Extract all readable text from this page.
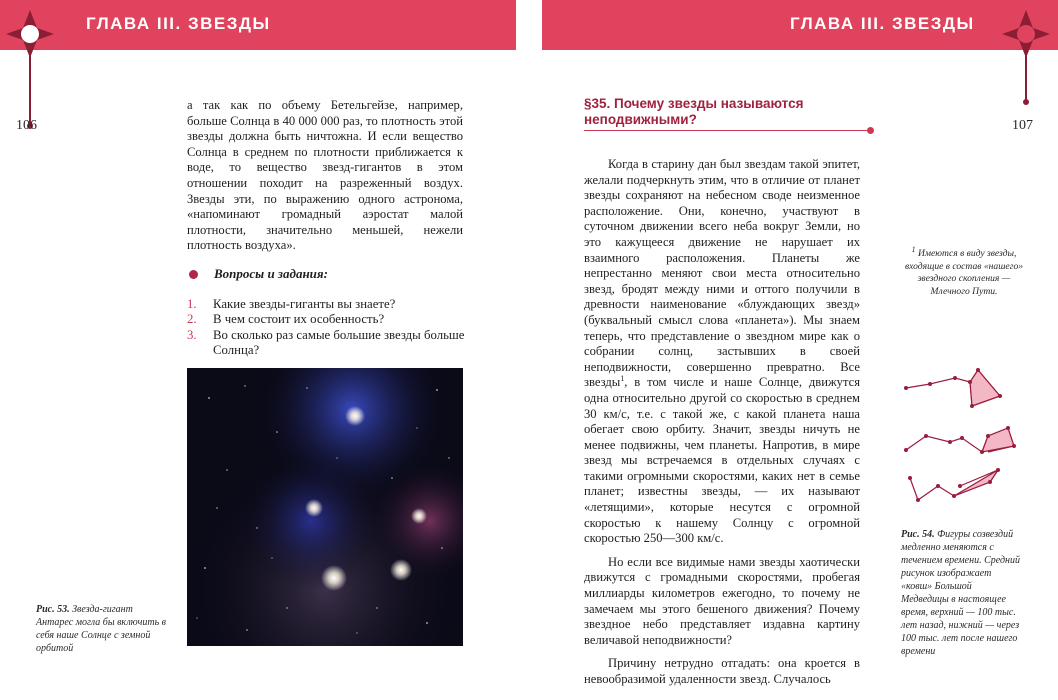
ГЛАВА III. ЗВЕЗДЫ	ГЛАВА III. ЗВЕЗДЫ
106	107

а так как по объему Бетельгейзе, например, больше Солнца в 40 000 000 раз, то плотность этой звезды должна быть ничтожна. И если вещество Солнца в среднем по плотности приближается к воде, то вещество звезд-гигантов в этом отношении походит на разреженный воздух. Звезды эти, по выражению одного астронома, «напоминают громадный аэростат малой плотности, значительно меньшей, нежели плотность воздуха».

Вопросы и задания:
1. Какие звезды-гиганты вы знаете?
2. В чем состоит их особенность?
3. Во сколько раз самые большие звезды больше Солнца?
Рис. 53. Звезда-гигант Антарес могла бы включить в себя наше Солнце с земной орбитой
§35. Почему звезды называются неподвижными?

Когда в старину дан был звездам такой эпитет, желали подчеркнуть этим, что в отличие от планет звезды сохраняют на небесном своде неизменное расположение. Они, конечно, участвуют в суточном движении всего неба вокруг Земли, но это кажущееся движение не нарушает их взаимного расположения. Планеты же непрестанно меняют свои места относительно звезд, бродят между ними и оттого получили в древности наименование «блуждающих звезд» (буквальный смысл слова «планета»). Мы знаем теперь, что представление о звездном мире как о собрании солнц, застывших в своей неподвижности, совершенно превратно. Все звезды$^1$, в том числе и наше Солнце, движутся одна относительно другой со скоростью в среднем 30 км/с, т.е. с такой же, с какой планета наша обегает свою орбиту. Значит, звезды ничуть не менее подвижны, чем планеты. Напротив, в мире звезд мы встречаемся в отдельных случаях с такими огромными скоростями, каких нет в семье планет; известны звезды, — их называют «летящими», которые несутся с огромной скоростью к нашему Солнцу с огромной скоростью 250—300 км/с.

Но если все видимые нами звезды хаотически движутся с громадными скоростями, пробегая миллиарды километров ежегодно, то почему не замечаем мы этого бешеного движения? Почему звездное небо представляет издавна картину величавой неподвижности?

Причину нетрудно отгадать: она кроется в невообразимой удаленности звезд. Случалось

$^1$ Имеются в виду звезды, входящие в состав «нашего» звездного скопления — Млечного Пути.
Рис. 54. Фигуры созвездий медленно меняются с течением времени. Средний рисунок изображает «ковш» Большой Медведицы в настоящее время, верхний — 100 тыс. лет назад, нижний — через 100 тыс. лет после нашего времени
